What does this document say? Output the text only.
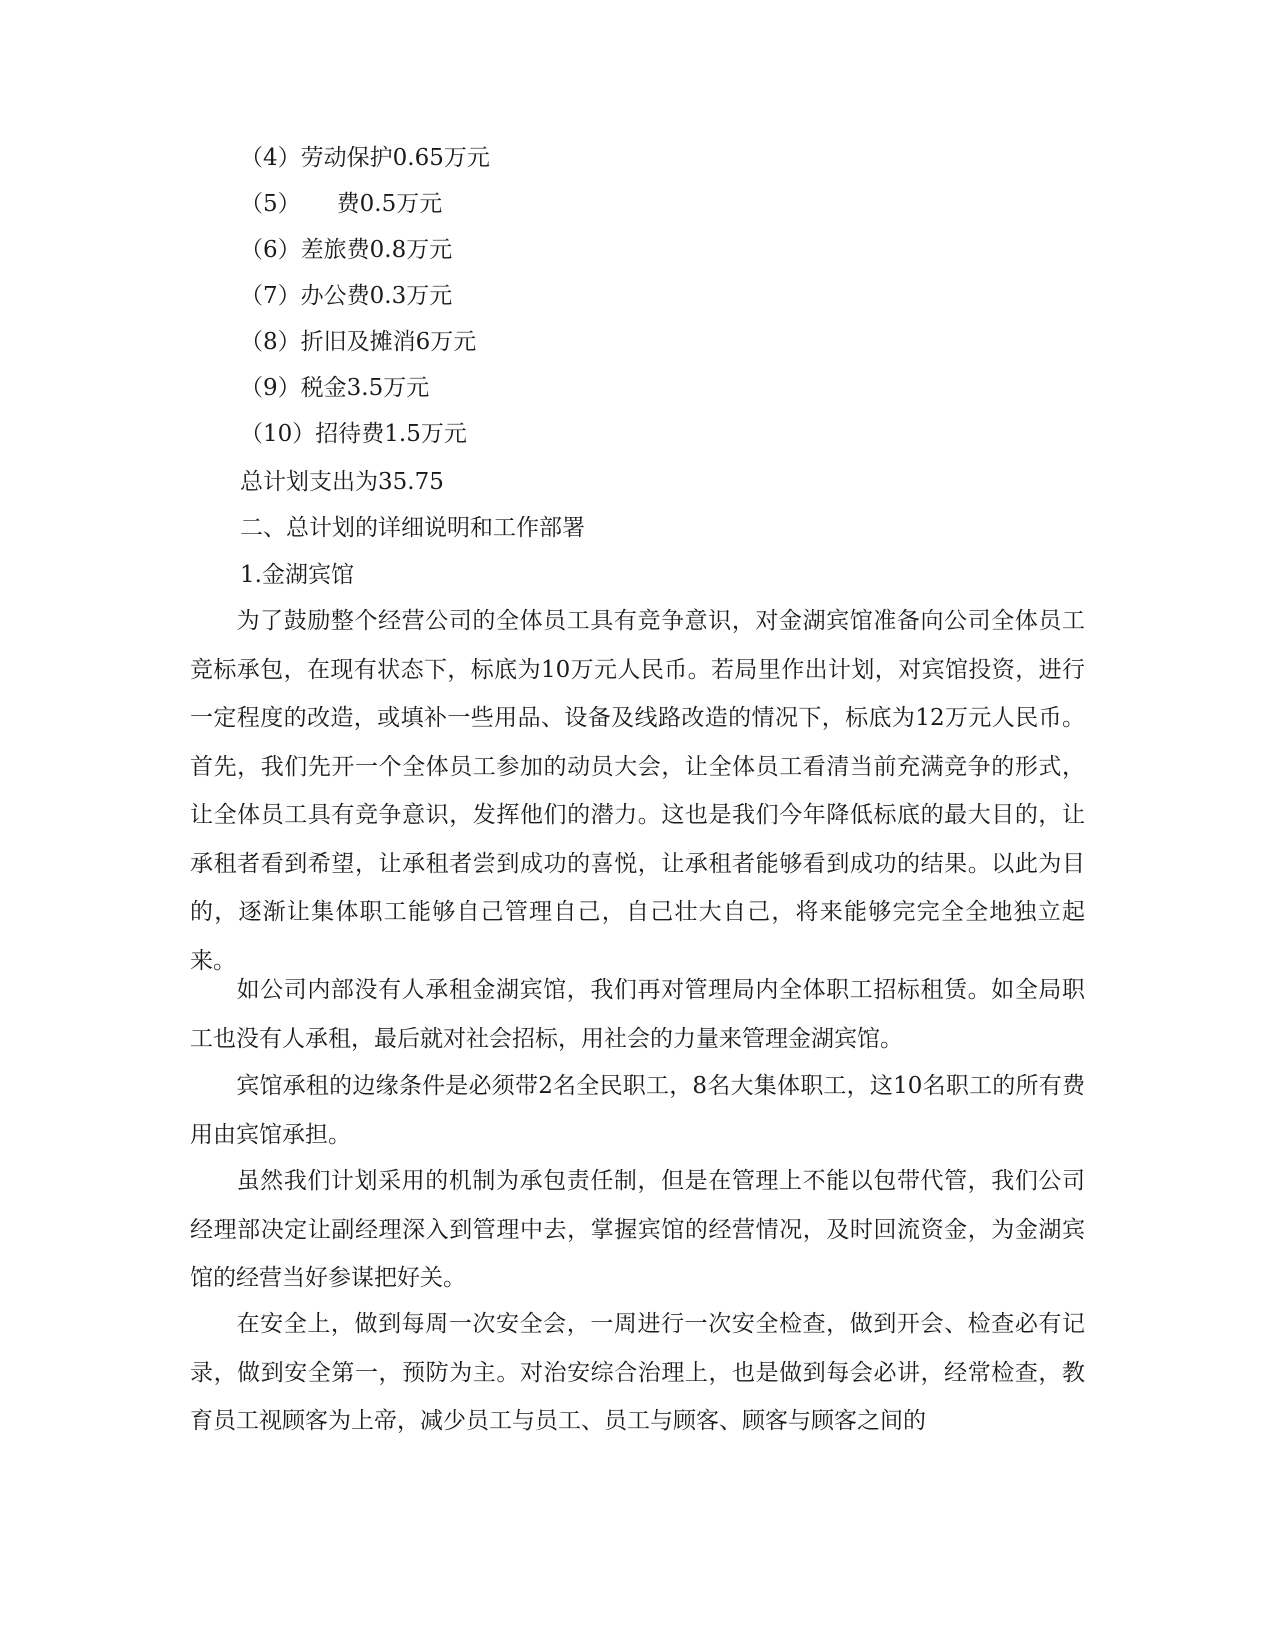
（4）劳动保护0.65万元
（5） 费0.5万元
（6）差旅费0.8万元
（7）办公费0.3万元
（8）折旧及摊消6万元
（9）税金3.5万元
（10）招待费1.5万元
总计划支出为35.75
二、总计划的详细说明和工作部署
1.金湖宾馆

为了鼓励整个经营公司的全体员工具有竞争意识，对金湖宾馆准备向公司全体员工竞标承包，在现有状态下，标底为10万元人民币。若局里作出计划，对宾馆投资，进行一定程度的改造，或填补一些用品、设备及线路改造的情况下，标底为12万元人民币。首先，我们先开一个全体员工参加的动员大会，让全体员工看清当前充满竞争的形式，让全体员工具有竞争意识，发挥他们的潜力。这也是我们今年降低标底的最大目的，让承租者看到希望，让承租者尝到成功的喜悦，让承租者能够看到成功的结果。以此为目的，逐渐让集体职工能够自己管理自己，自己壮大自己，将来能够完完全全地独立起来。

如公司内部没有人承租金湖宾馆，我们再对管理局内全体职工招标租赁。如全局职工也没有人承租，最后就对社会招标，用社会的力量来管理金湖宾馆。

宾馆承租的边缘条件是必须带2名全民职工，8名大集体职工，这10名职工的所有费用由宾馆承担。

虽然我们计划采用的机制为承包责任制，但是在管理上不能以包带代管，我们公司经理部决定让副经理深入到管理中去，掌握宾馆的经营情况，及时回流资金，为金湖宾馆的经营当好参谋把好关。

在安全上，做到每周一次安全会，一周进行一次安全检查，做到开会、检查必有记录，做到安全第一，预防为主。对治安综合治理上，也是做到每会必讲，经常检查，教育员工视顾客为上帝，减少员工与员工、员工与顾客、顾客与顾客之间的
